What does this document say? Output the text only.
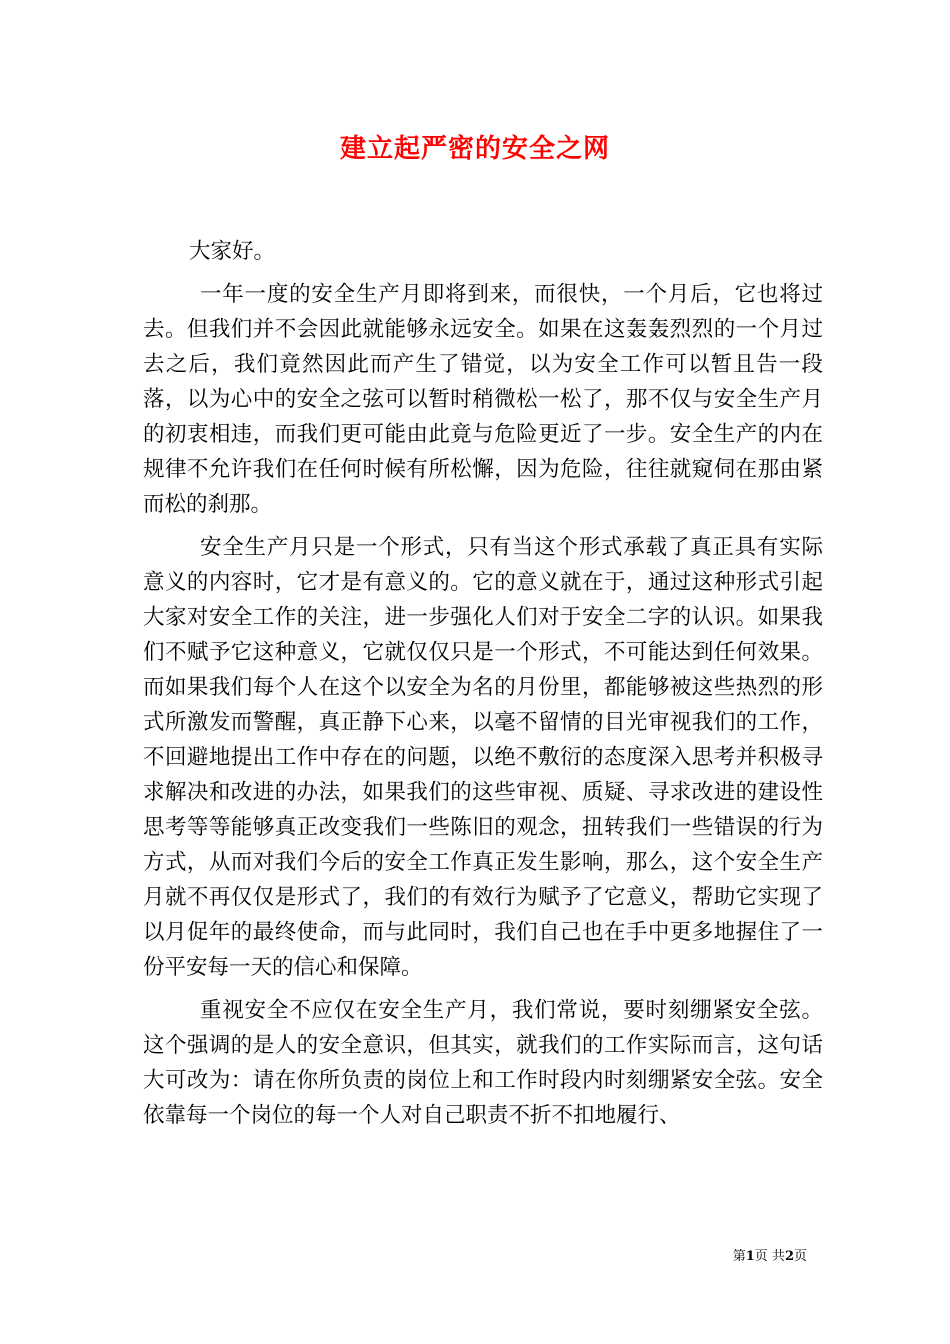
建立起严密的安全之网

大家好。

一年一度的安全生产月即将到来，而很快，一个月后，它也将过去。但我们并不会因此就能够永远安全。如果在这轰轰烈烈的一个月过去之后，我们竟然因此而产生了错觉，以为安全工作可以暂且告一段落，以为心中的安全之弦可以暂时稍微松一松了，那不仅与安全生产月的初衷相违，而我们更可能由此竟与危险更近了一步。安全生产的内在规律不允许我们在任何时候有所松懈，因为危险，往往就窥伺在那由紧而松的刹那。

安全生产月只是一个形式，只有当这个形式承载了真正具有实际意义的内容时，它才是有意义的。它的意义就在于，通过这种形式引起大家对安全工作的关注，进一步强化人们对于安全二字的认识。如果我们不赋予它这种意义，它就仅仅只是一个形式，不可能达到任何效果。而如果我们每个人在这个以安全为名的月份里，都能够被这些热烈的形式所激发而警醒，真正静下心来，以毫不留情的目光审视我们的工作，不回避地提出工作中存在的问题，以绝不敷衍的态度深入思考并积极寻求解决和改进的办法，如果我们的这些审视、质疑、寻求改进的建设性思考等等能够真正改变我们一些陈旧的观念，扭转我们一些错误的行为方式，从而对我们今后的安全工作真正发生影响，那么，这个安全生产月就不再仅仅是形式了，我们的有效行为赋予了它意义，帮助它实现了以月促年的最终使命，而与此同时，我们自己也在手中更多地握住了一份平安每一天的信心和保障。

重视安全不应仅在安全生产月，我们常说，要时刻绷紧安全弦。这个强调的是人的安全意识，但其实，就我们的工作实际而言，这句话大可改为：请在你所负责的岗位上和工作时段内时刻绷紧安全弦。安全依靠每一个岗位的每一个人对自己职责不折不扣地履行、

第1页 共2页
